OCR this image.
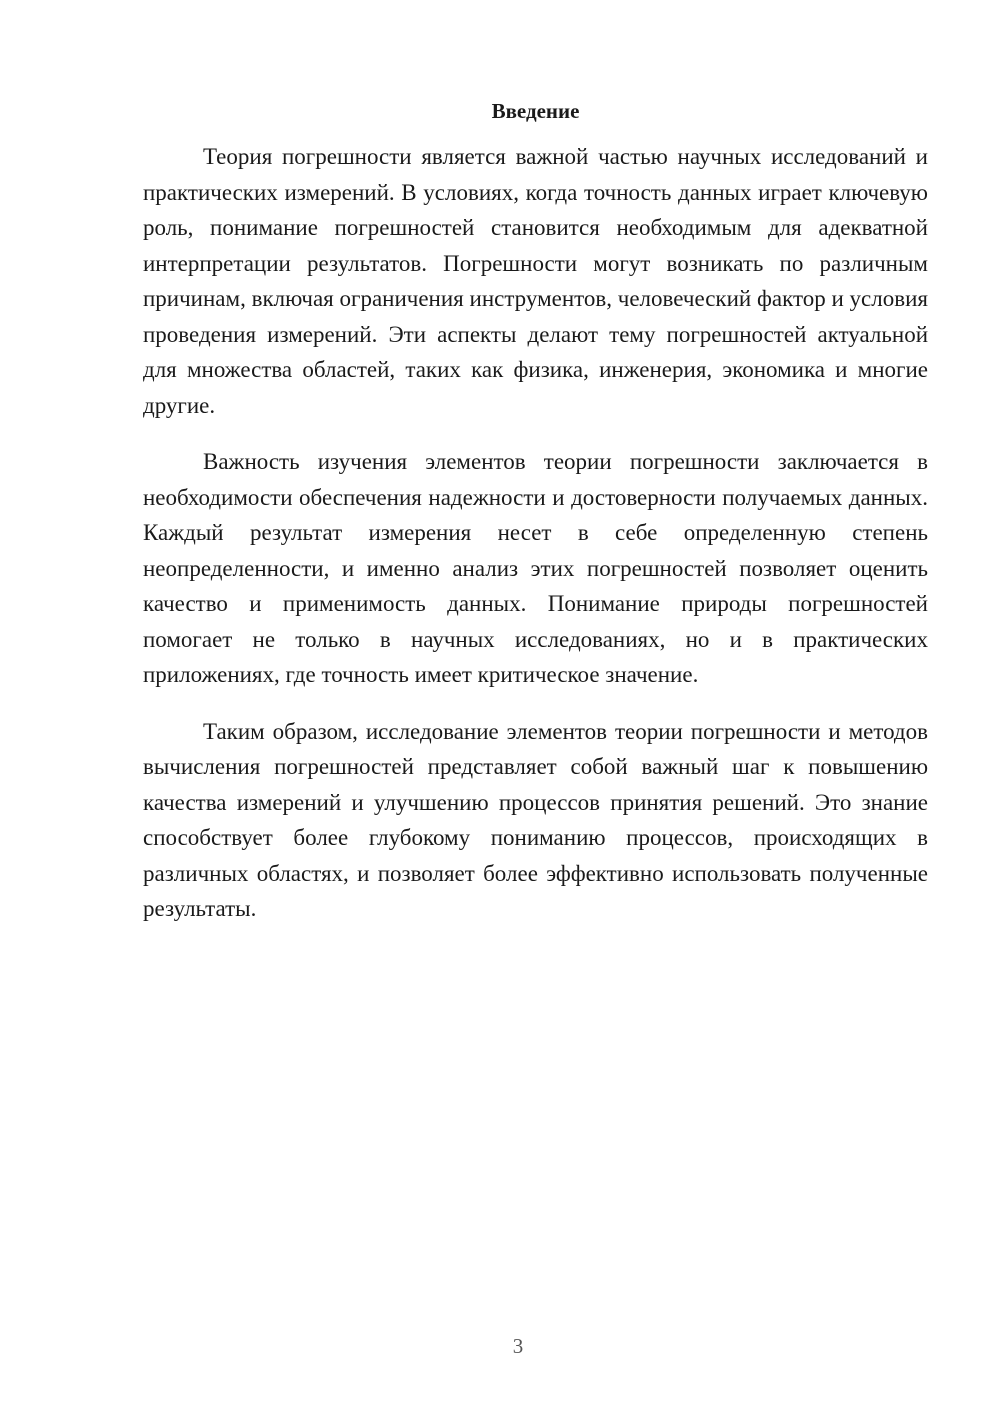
Введение

Теория погрешности является важной частью научных исследований и практических измерений. В условиях, когда точность данных играет ключевую роль, понимание погрешностей становится необходимым для адекватной интерпретации результатов. Погрешности могут возникать по различным причинам, включая ограничения инструментов, человеческий фактор и условия проведения измерений. Эти аспекты делают тему погрешностей актуальной для множества областей, таких как физика, инженерия, экономика и многие другие.

Важность изучения элементов теории погрешности заключается в необходимости обеспечения надежности и достоверности получаемых данных. Каждый результат измерения несет в себе определенную степень неопределенности, и именно анализ этих погрешностей позволяет оценить качество и применимость данных. Понимание природы погрешностей помогает не только в научных исследованиях, но и в практических приложениях, где точность имеет критическое значение.

Таким образом, исследование элементов теории погрешности и методов вычисления погрешностей представляет собой важный шаг к повышению качества измерений и улучшению процессов принятия решений. Это знание способствует более глубокому пониманию процессов, происходящих в различных областях, и позволяет более эффективно использовать полученные результаты.

3
